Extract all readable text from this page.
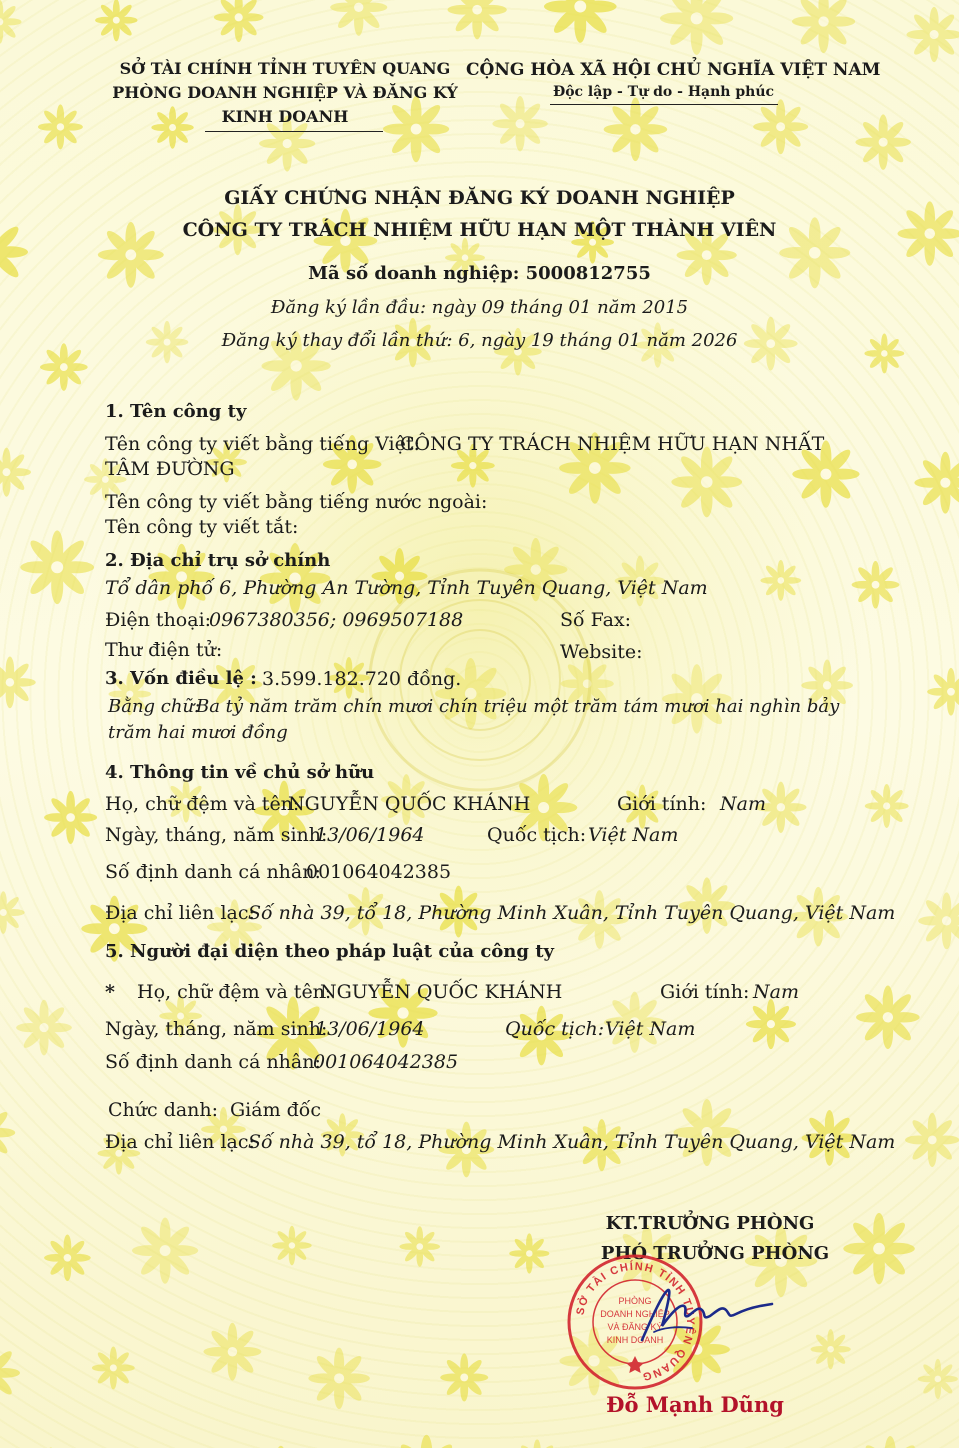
SỞ TÀI CHÍNH TỈNH TUYÊN QUANG
PHÒNG DOANH NGHIỆP VÀ ĐĂNG KÝ
KINH DOANH
CỘNG HÒA XÃ HỘI CHỦ NGHĨA VIỆT NAM
Độc lập - Tự do - Hạnh phúc
GIẤY CHỨNG NHẬN ĐĂNG KÝ DOANH NGHIỆP
CÔNG TY TRÁCH NHIỆM HỮU HẠN MỘT THÀNH VIÊN
Mã số doanh nghiệp: 5000812755
Đăng ký lần đầu: ngày 09 tháng 01 năm 2015
Đăng ký thay đổi lần thứ: 6, ngày 19 tháng 01 năm 2026
1. Tên công ty
Tên công ty viết bằng tiếng Việt:
CÔNG TY TRÁCH NHIỆM HỮU HẠN NHẤT
TÂM ĐƯỜNG
Tên công ty viết bằng tiếng nước ngoài:
Tên công ty viết tắt:
2. Địa chỉ trụ sở chính
Tổ dân phố 6, Phường An Tường, Tỉnh Tuyên Quang, Việt Nam
Điện thoại:
0967380356; 0969507188	Số Fax:
Thư điện tử:	Website:
3. Vốn điều lệ : 3.599.182.720 đồng.
Bằng chữ:
Ba tỷ năm trăm chín mươi chín triệu một trăm tám mươi hai nghìn bảy
trăm hai mươi đồng
4. Thông tin về chủ sở hữu
Họ, chữ đệm và tên:
NGUYỄN QUỐC KHÁNH	Giới tính: Nam
Ngày, tháng, năm sinh:
13/06/1964	Quốc tịch: Việt Nam
Số định danh cá nhân:
001064042385
Địa chỉ liên lạc:
Số nhà 39, tổ 18, Phường Minh Xuân, Tỉnh Tuyên Quang, Việt Nam
5. Người đại diện theo pháp luật của công ty
* Họ, chữ đệm và tên:
NGUYỄN QUỐC KHÁNH	Giới tính: Nam
Ngày, tháng, năm sinh:
13/06/1964	Quốc tịch: Việt Nam
Số định danh cá nhân:
001064042385
Chức danh: Giám đốc
Địa chỉ liên lạc:
Số nhà 39, tổ 18, Phường Minh Xuân, Tỉnh Tuyên Quang, Việt Nam
KT.TRƯỞNG PHÒNG
PHÓ TRƯỞNG PHÒNG
SỞ TÀI CHÍNH TỈNH TUYÊN QUANG
PHÒNG
DOANH NGHIỆP
VÀ ĐĂNG KÝ
KINH DOANH
Đỗ Mạnh Dũng
